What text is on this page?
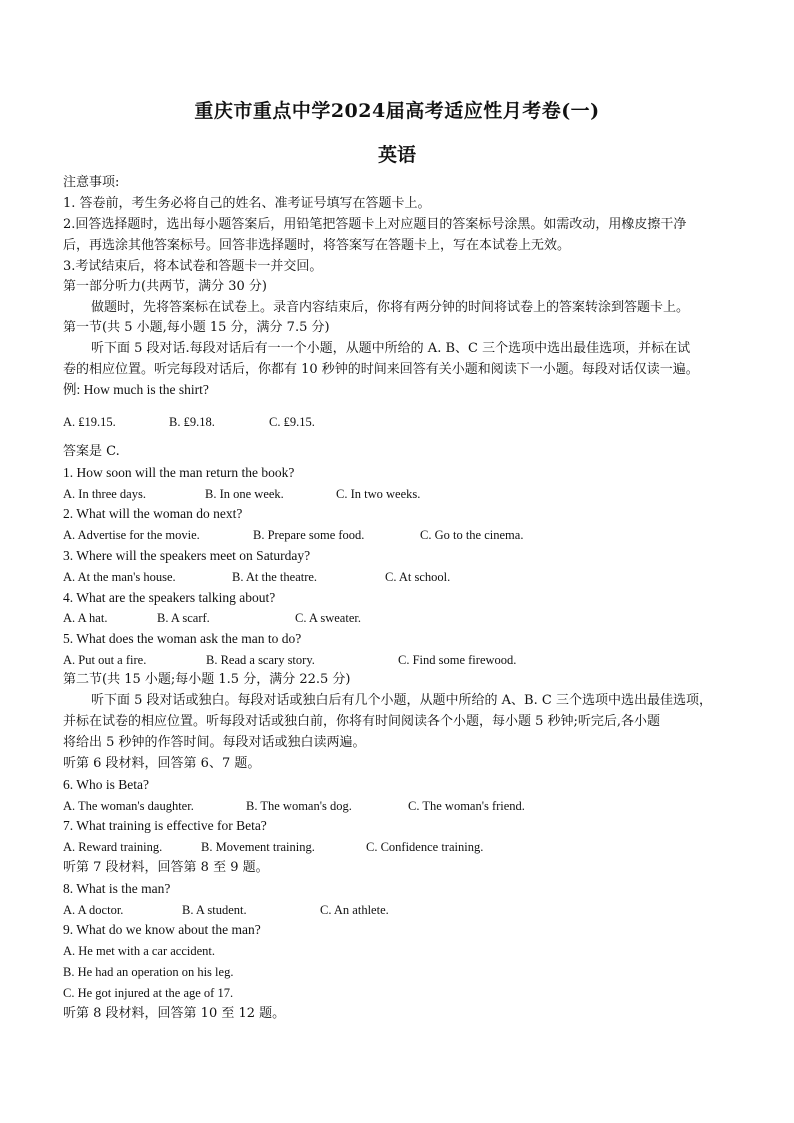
重庆市重点中学2024届高考适应性月考卷(一)
英语
注意事项:
1. 答卷前，考生务必将自己的姓名、准考证号填写在答题卡上。
2.回答选择题时，选出每小题答案后，用铅笔把答题卡上对应题目的答案标号涂黑。如需改动，用橡皮擦干净
后，再选涂其他答案标号。回答非选择题时，将答案写在答题卡上，写在本试卷上无效。
3.考试结束后，将本试卷和答题卡一并交回。
第一部分听力(共两节，满分 30 分)
做题时，先将答案标在试卷上。录音内容结束后，你将有两分钟的时间将试卷上的答案转涂到答题卡上。
第一节(共 5 小题,每小题 15 分，满分 7.5 分)
听下面 5 段对话.每段对话后有一一个小题，从题中所给的 A. B、C 三个选项中选出最佳选项，并标在试
卷的相应位置。听完每段对话后，你都有 10 秒钟的时间来回答有关小题和阅读下一小题。每段对话仅读一遍。
例: How much is the shirt?
A. ₤19.15.	B. ₤9.18.	C. ₤9.15.
答案是 C.
1. How soon will the man return the book?
A. In three days.	B. In one week.	C. In two weeks.
2. What will the woman do next?
A. Advertise for the movie.	B. Prepare some food.	C. Go to the cinema.
3. Where will the speakers meet on Saturday?
A. At the man's house.	B. At the theatre.	C. At school.
4. What are the speakers talking about?
A. A hat.	B. A scarf.	C. A sweater.
5. What does the woman ask the man to do?
A. Put out a fire.	B. Read a scary story.	C. Find some firewood.
第二节(共 15 小题;每小题 1.5 分，满分 22.5 分)
听下面 5 段对话或独白。每段对话或独白后有几个小题，从题中所给的 A、B. C 三个选项中选出最佳选项，
并标在试卷的相应位置。听每段对话或独白前，你将有时间阅读各个小题，每小题 5 秒钟;听完后,各小题
将给出 5 秒钟的作答时间。每段对话或独白读两遍。
听第 6 段材料，回答第 6、7 题。
6. Who is Beta?
A. The woman's daughter.	B. The woman's dog.	C. The woman's friend.
7. What training is effective for Beta?
A. Reward training.	B. Movement training.	C. Confidence training.
听第 7 段材料，回答第 8 至 9 题。
8. What is the man?
A. A doctor.	B. A student.	C. An athlete.
9. What do we know about the man?
A. He met with a car accident.
B. He had an operation on his leg.
C. He got injured at the age of 17.
听第 8 段材料，回答第 10 至 12 题。
